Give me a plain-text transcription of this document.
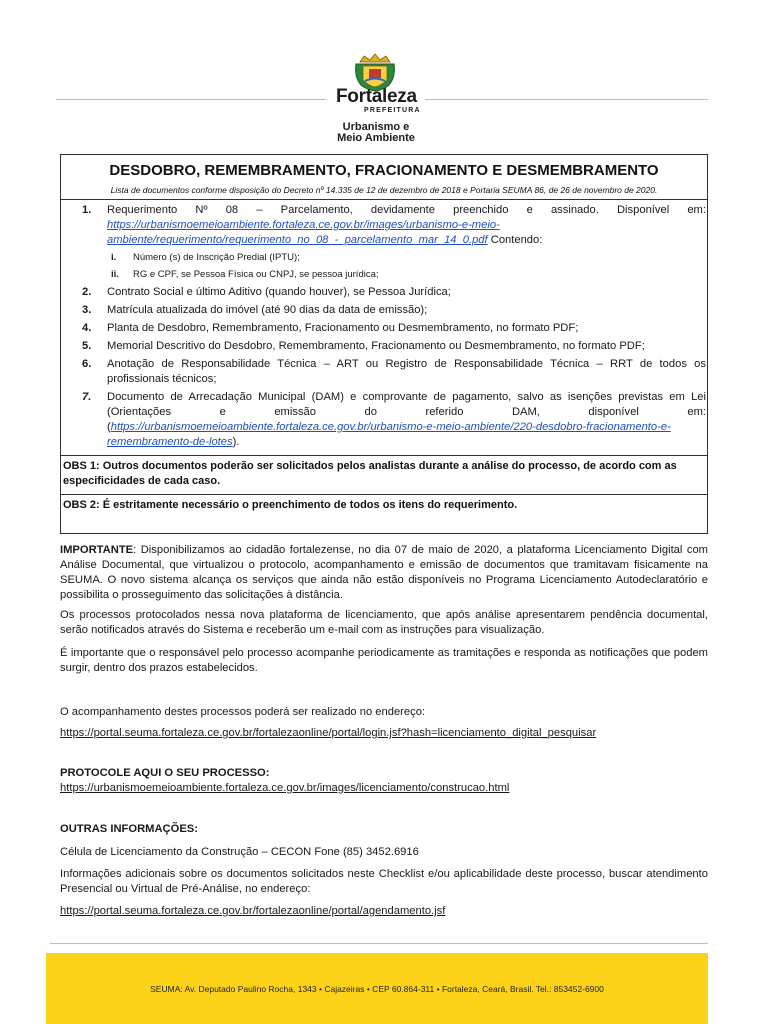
Fortaleza
PREFEITURA
Urbanismo e
Meio Ambiente
DESDOBRO, REMEMBRAMENTO, FRACIONAMENTO E DESMEMBRAMENTO
Lista de documentos conforme disposição do Decreto nº 14.335 de 12 de dezembro de 2018 e Portaria SEUMA 86, de 26 de novembro de 2020.
1. Requerimento Nº 08 – Parcelamento, devidamente preenchido e assinado. Disponível em: https://urbanismoemeioambiente.fortaleza.ce.gov.br/images/urbanismo-e-meio-ambiente/requerimento/requerimento_no_08_-_parcelamento_mar_14_0.pdf Contendo:
i. Número (s) de Inscrição Predial (IPTU);
ii. RG e CPF, se Pessoa Física ou CNPJ, se pessoa jurídica;
2. Contrato Social e último Aditivo (quando houver), se Pessoa Jurídica;
3. Matrícula atualizada do imóvel (até 90 dias da data de emissão);
4. Planta de Desdobro, Remembramento, Fracionamento ou Desmembramento, no formato PDF;
5. Memorial Descritivo do Desdobro, Remembramento, Fracionamento ou Desmembramento, no formato PDF;
6. Anotação de Responsabilidade Técnica – ART ou Registro de Responsabilidade Técnica – RRT de todos os profissionais técnicos;
7. Documento de Arrecadação Municipal (DAM) e comprovante de pagamento, salvo as isenções previstas em Lei (Orientações e emissão do referido DAM, disponível em: (https://urbanismoemeioambiente.fortaleza.ce.gov.br/urbanismo-e-meio-ambiente/220-desdobro-fracionamento-e-remembramento-de-lotes).
OBS 1: Outros documentos poderão ser solicitados pelos analistas durante a análise do processo, de acordo com as especificidades de cada caso.
OBS 2: É estritamente necessário o preenchimento de todos os itens do requerimento.
IMPORTANTE: Disponibilizamos ao cidadão fortalezense, no dia 07 de maio de 2020, a plataforma Licenciamento Digital com Análise Documental, que virtualizou o protocolo, acompanhamento e emissão de documentos que tramitavam fisicamente na SEUMA. O novo sistema alcança os serviços que ainda não estão disponíveis no Programa Licenciamento Autodeclaratório e possibilita o prosseguimento das solicitações à distância.
Os processos protocolados nessa nova plataforma de licenciamento, que após análise apresentarem pendência documental, serão notificados através do Sistema e receberão um e-mail com as instruções para visualização.
É importante que o responsável pelo processo acompanhe periodicamente as tramitações e responda as notificações que podem surgir, dentro dos prazos estabelecidos.
O acompanhamento destes processos poderá ser realizado no endereço:
https://portal.seuma.fortaleza.ce.gov.br/fortalezaonline/portal/login.jsf?hash=licenciamento_digital_pesquisar
PROTOCOLE AQUI O SEU PROCESSO:
https://urbanismoemeioambiente.fortaleza.ce.gov.br/images/licenciamento/construcao.html
OUTRAS INFORMAÇÕES:
Célula de Licenciamento da Construção – CECON Fone (85) 3452.6916
Informações adicionais sobre os documentos solicitados neste Checklist e/ou aplicabilidade deste processo, buscar atendimento Presencial ou Virtual de Pré-Análise, no endereço:
https://portal.seuma.fortaleza.ce.gov.br/fortalezaonline/portal/agendamento.jsf
SEUMA: Av. Deputado Paulino Rocha, 1343 • Cajazeiras • CEP 60.864-311 • Fortaleza, Ceará, Brasil. Tel.: 853452-6900
